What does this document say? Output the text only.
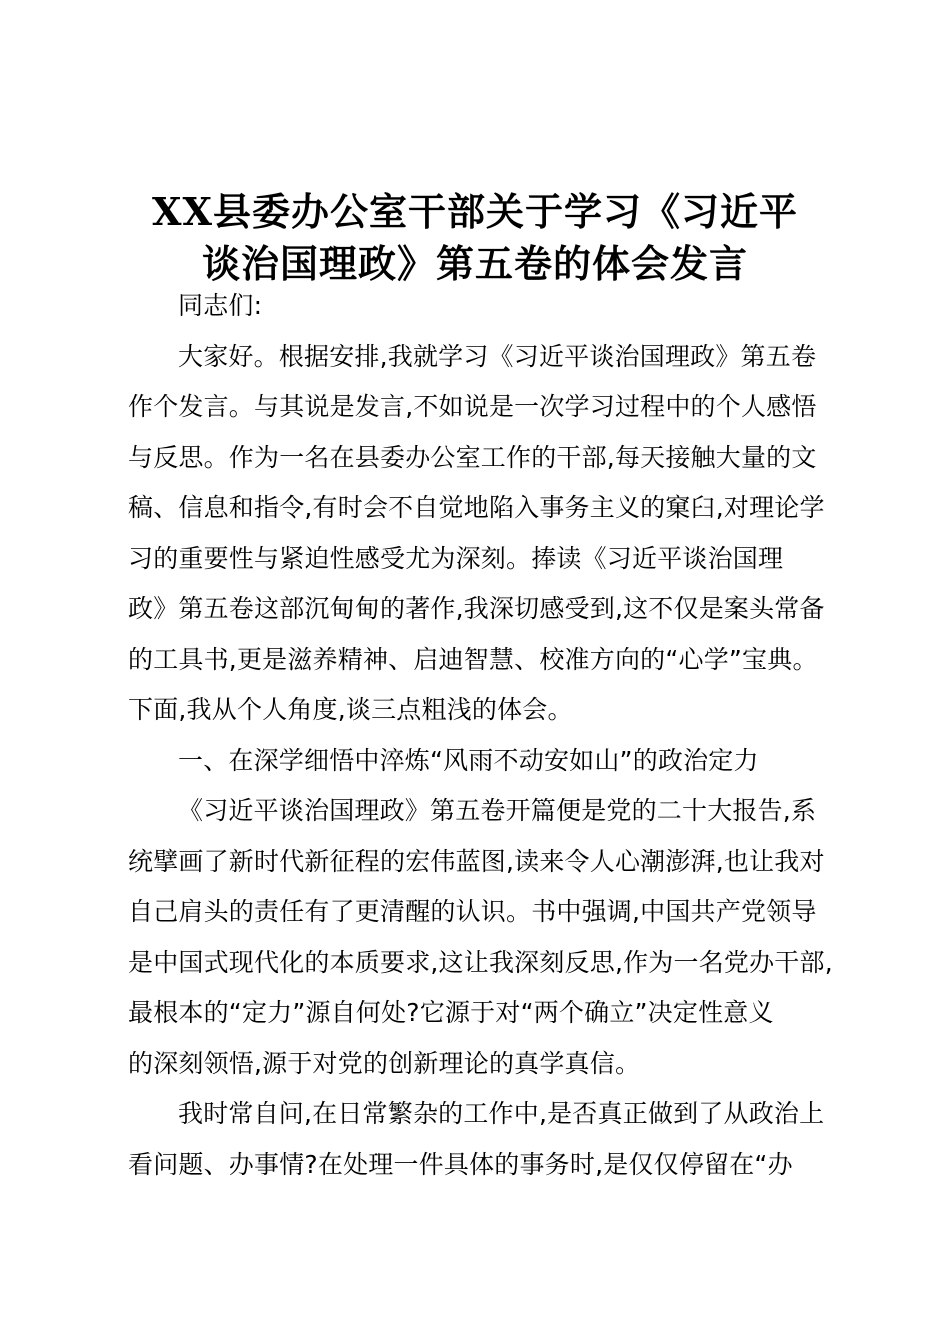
XX县委办公室干部关于学习《习近平
谈治国理政》第五卷的体会发言
同志们:
大家好。根据安排,我就学习《习近平谈治国理政》第五卷
作个发言。与其说是发言,不如说是一次学习过程中的个人感悟
与反思。作为一名在县委办公室工作的干部,每天接触大量的文
稿、信息和指令,有时会不自觉地陷入事务主义的窠臼,对理论学
习的重要性与紧迫性感受尤为深刻。捧读《习近平谈治国理
政》第五卷这部沉甸甸的著作,我深切感受到,这不仅是案头常备
的工具书,更是滋养精神、启迪智慧、校准方向的“心学”宝典。
下面,我从个人角度,谈三点粗浅的体会。
一、在深学细悟中淬炼“风雨不动安如山”的政治定力
《习近平谈治国理政》第五卷开篇便是党的二十大报告,系
统擘画了新时代新征程的宏伟蓝图,读来令人心潮澎湃,也让我对
自己肩头的责任有了更清醒的认识。书中强调,中国共产党领导
是中国式现代化的本质要求,这让我深刻反思,作为一名党办干部,
最根本的“定力”源自何处?它源于对“两个确立”决定性意义
的深刻领悟,源于对党的创新理论的真学真信。
我时常自问,在日常繁杂的工作中,是否真正做到了从政治上
看问题、办事情?在处理一件具体的事务时,是仅仅停留在“办
